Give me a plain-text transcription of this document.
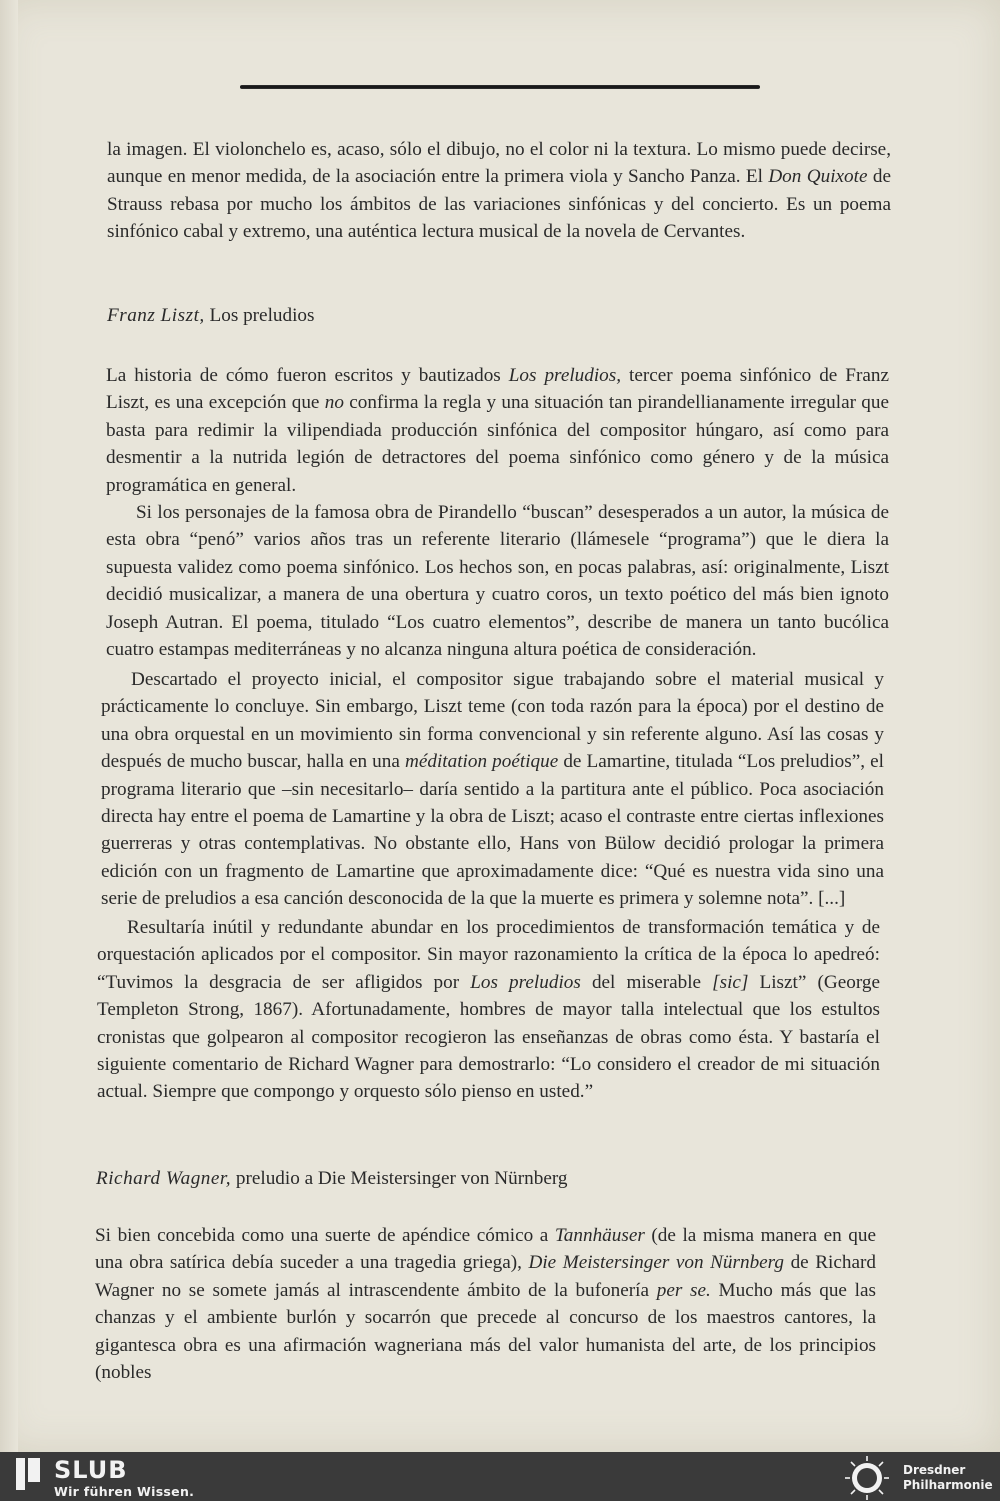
la imagen. El violonchelo es, acaso, sólo el dibujo, no el color ni la textura. Lo mismo puede decirse, aunque en menor medida, de la asociación entre la primera viola y Sancho Panza. El Don Quixote de Strauss rebasa por mucho los ámbitos de las variaciones sinfónicas y del concierto. Es un poema sinfónico cabal y extremo, una auténtica lectura musical de la novela de Cervantes.

Franz Liszt, Los preludios

La historia de cómo fueron escritos y bautizados Los preludios, tercer poema sinfónico de Franz Liszt, es una excepción que no confirma la regla y una situación tan pirandellianamente irregular que basta para redimir la vilipendiada producción sinfónica del compositor húngaro, así como para desmentir a la nutrida legión de detractores del poema sinfónico como género y de la música programática en general.

Si los personajes de la famosa obra de Pirandello “buscan” desesperados a un autor, la música de esta obra “penó” varios años tras un referente literario (llámesele “programa”) que le diera la supuesta validez como poema sinfónico. Los hechos son, en pocas palabras, así: originalmente, Liszt decidió musicalizar, a manera de una obertura y cuatro coros, un texto poético del más bien ignoto Joseph Autran. El poema, titulado “Los cuatro elementos”, describe de manera un tanto bucólica cuatro estampas mediterráneas y no alcanza ninguna altura poética de consideración.

Descartado el proyecto inicial, el compositor sigue trabajando sobre el material musical y prácticamente lo concluye. Sin embargo, Liszt teme (con toda razón para la época) por el destino de una obra orquestal en un movimiento sin forma convencional y sin referente alguno. Así las cosas y después de mucho buscar, halla en una méditation poétique de Lamartine, titulada “Los preludios”, el programa literario que –sin necesitarlo– daría sentido a la partitura ante el público. Poca asociación directa hay entre el poema de Lamartine y la obra de Liszt; acaso el contraste entre ciertas inflexiones guerreras y otras contemplativas. No obstante ello, Hans von Bülow decidió prologar la primera edición con un fragmento de Lamartine que aproximadamente dice: “Qué es nuestra vida sino una serie de preludios a esa canción desconocida de la que la muerte es primera y solemne nota”. [...]

Resultaría inútil y redundante abundar en los procedimientos de transformación temática y de orquestación aplicados por el compositor. Sin mayor razonamiento la crítica de la época lo apedreó: “Tuvimos la desgracia de ser afligidos por Los preludios del miserable [sic] Liszt” (George Templeton Strong, 1867). Afortunadamente, hombres de mayor talla intelectual que los estultos cronistas que golpearon al compositor recogieron las enseñanzas de obras como ésta. Y bastaría el siguiente comentario de Richard Wagner para demostrarlo: “Lo considero el creador de mi situación actual. Siempre que compongo y orquesto sólo pienso en usted.”

Richard Wagner, preludio a Die Meistersinger von Nürnberg

Si bien concebida como una suerte de apéndice cómico a Tannhäuser (de la misma manera en que una obra satírica debía suceder a una tragedia griega), Die Meistersinger von Nürnberg de Richard Wagner no se somete jamás al intrascendente ámbito de la bufonería per se. Mucho más que las chanzas y el ambiente burlón y socarrón que precede al concurso de los maestros cantores, la gigantesca obra es una afirmación wagneriana más del valor humanista del arte, de los principios (nobles

SLUB
Wir führen Wissen.
Dresdner
Philharmonie
